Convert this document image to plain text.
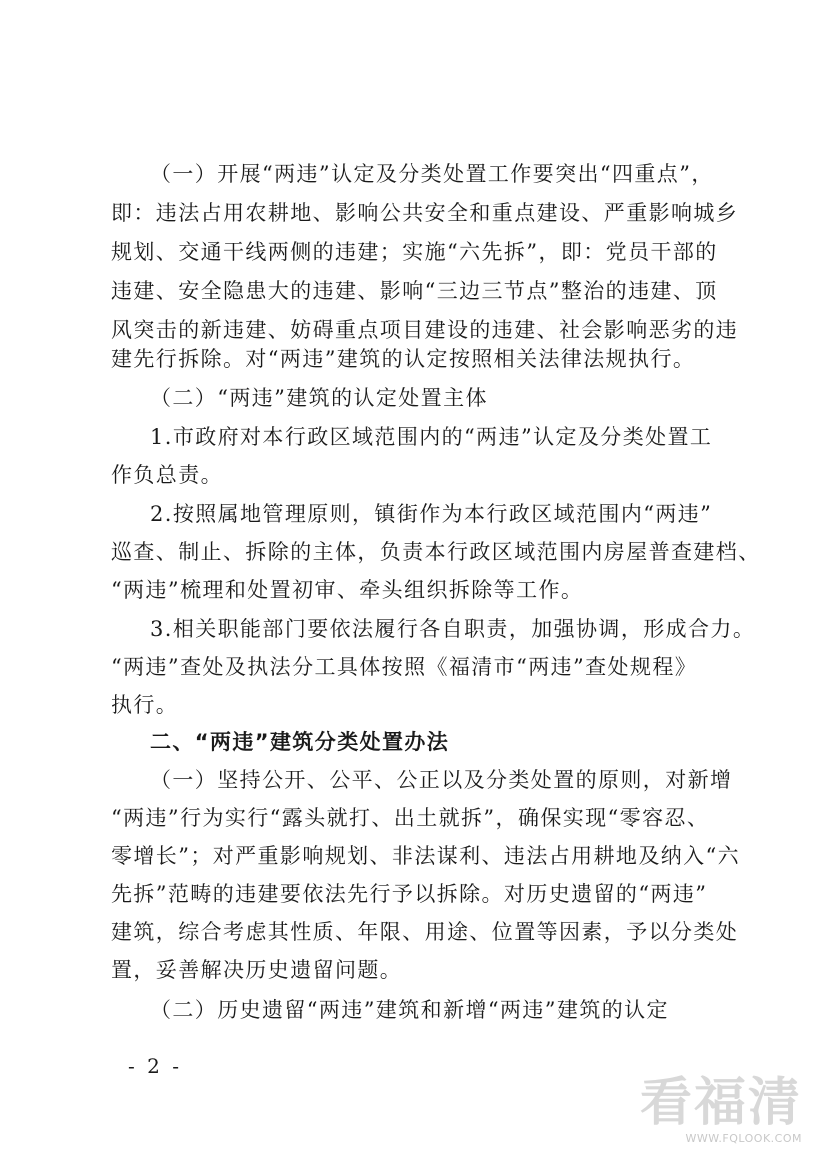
（一）开展“两违”认定及分类处置工作要突出“四重点”，
即：违法占用农耕地、影响公共安全和重点建设、严重影响城乡
规划、交通干线两侧的违建；实施“六先拆”，即：党员干部的
违建、安全隐患大的违建、影响“三边三节点”整治的违建、顶
风突击的新违建、妨碍重点项目建设的违建、社会影响恶劣的违
建先行拆除。对“两违”建筑的认定按照相关法律法规执行。
（二）“两违”建筑的认定处置主体
1.市政府对本行政区域范围内的“两违”认定及分类处置工
作负总责。
2.按照属地管理原则，镇街作为本行政区域范围内“两违”
巡查、制止、拆除的主体，负责本行政区域范围内房屋普查建档、
“两违”梳理和处置初审、牵头组织拆除等工作。
3.相关职能部门要依法履行各自职责，加强协调，形成合力。
“两违”查处及执法分工具体按照《福清市“两违”查处规程》
执行。
二、“两违”建筑分类处置办法
（一）坚持公开、公平、公正以及分类处置的原则，对新增
“两违”行为实行“露头就打、出土就拆”，确保实现“零容忍、
零增长”；对严重影响规划、非法谋利、违法占用耕地及纳入“六
先拆”范畴的违建要依法先行予以拆除。对历史遗留的“两违”
建筑，综合考虑其性质、年限、用途、位置等因素，予以分类处
置，妥善解决历史遗留问题。
（二）历史遗留“两违”建筑和新增“两违”建筑的认定
- 2 -
看福清
WWW.FQLOOK.COM
